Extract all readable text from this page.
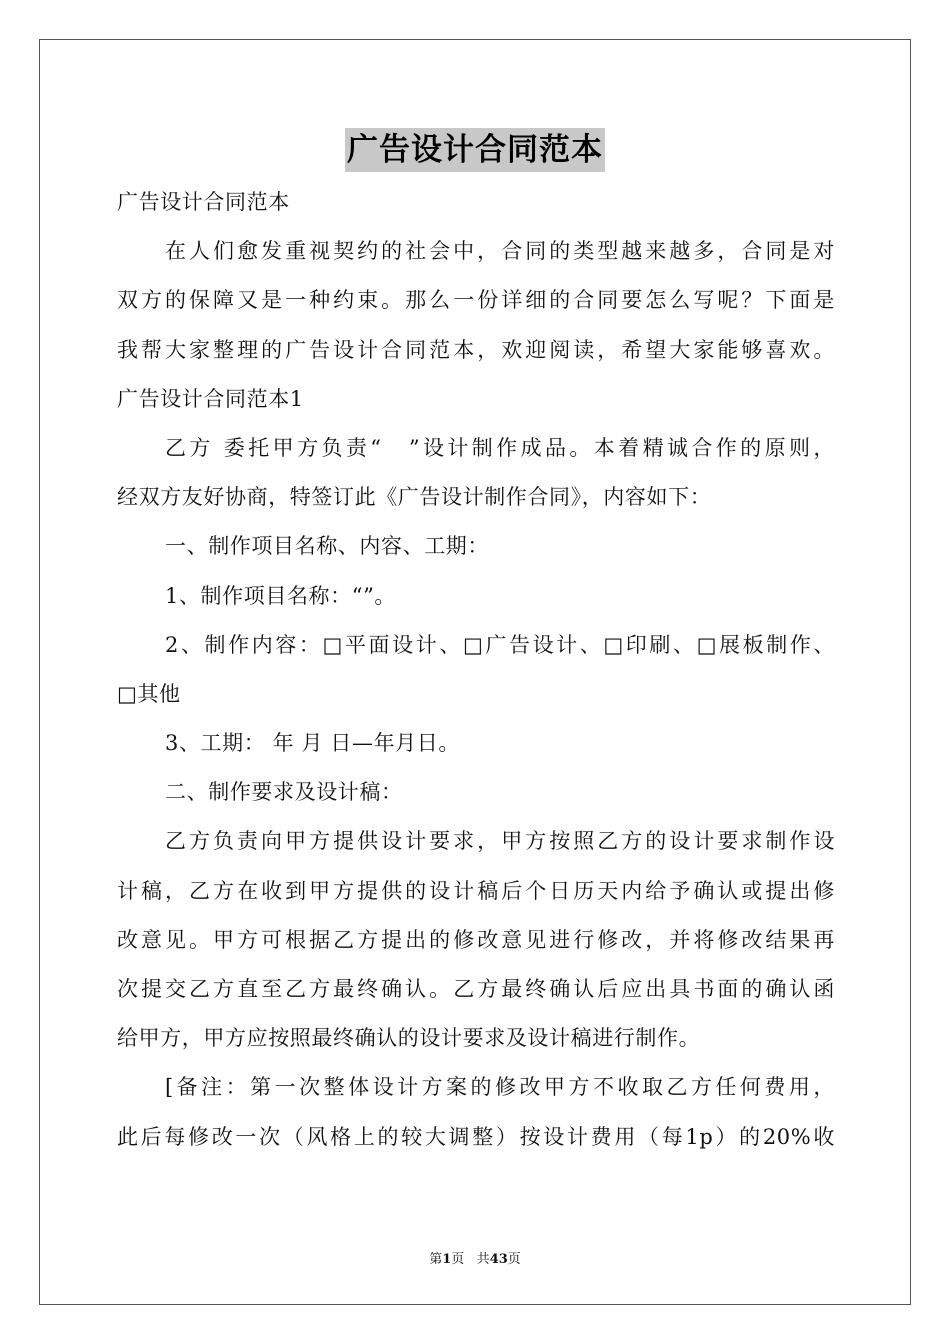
广告设计合同范本
广告设计合同范本
在人们愈发重视契约的社会中，合同的类型越来越多，合同是对
双方的保障又是一种约束。那么一份详细的合同要怎么写呢？下面是
我帮大家整理的广告设计合同范本，欢迎阅读，希望大家能够喜欢。
广告设计合同范本1
乙方 委托甲方负责“　”设计制作成品。本着精诚合作的原则，
经双方友好协商，特签订此《广告设计制作合同》，内容如下：
一、制作项目名称、内容、工期：
1、制作项目名称：“”。
2、制作内容：□平面设计、□广告设计、□印刷、□展板制作、
□其他
3、工期： 年 月 日—年月日。
二、制作要求及设计稿：
乙方负责向甲方提供设计要求，甲方按照乙方的设计要求制作设
计稿，乙方在收到甲方提供的设计稿后个日历天内给予确认或提出修
改意见。甲方可根据乙方提出的修改意见进行修改，并将修改结果再
次提交乙方直至乙方最终确认。乙方最终确认后应出具书面的确认函
给甲方，甲方应按照最终确认的设计要求及设计稿进行制作。
[备注：第一次整体设计方案的修改甲方不收取乙方任何费用，
此后每修改一次（风格上的较大调整）按设计费用（每1p）的20%收
第1页 共43页
